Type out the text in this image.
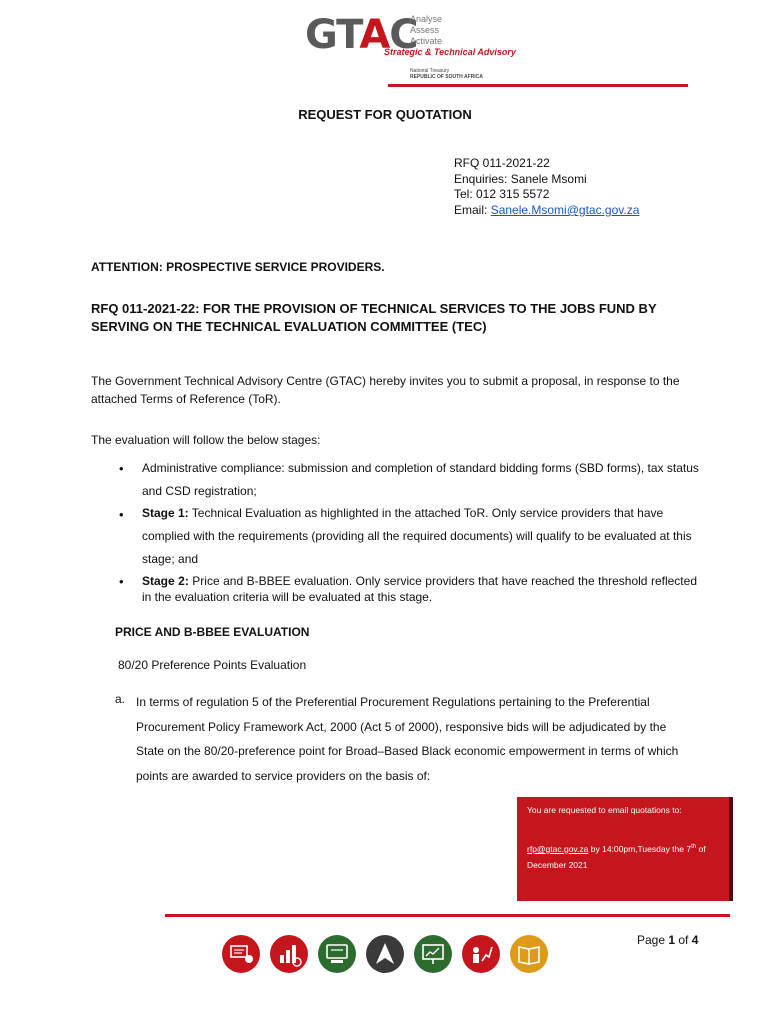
GTAC
Analyse
Assess
Activate
Strategic & Technical Advisory
National Treasury
REPUBLIC OF SOUTH AFRICA
REQUEST FOR QUOTATION
RFQ 011-2021-22
Enquiries: Sanele Msomi
Tel: 012 315 5572
Email: Sanele.Msomi@gtac.gov.za
ATTENTION: PROSPECTIVE SERVICE PROVIDERS.
RFQ 011-2021-22: FOR THE PROVISION OF TECHNICAL SERVICES TO THE JOBS FUND BY SERVING ON THE TECHNICAL EVALUATION COMMITTEE (TEC)
The Government Technical Advisory Centre (GTAC) hereby invites you to submit a proposal, in response to the attached Terms of Reference (ToR).
The evaluation will follow the below stages:
• Administrative compliance: submission and completion of standard bidding forms (SBD forms), tax status and CSD registration;
• Stage 1: Technical Evaluation as highlighted in the attached ToR. Only service providers that have complied with the requirements (providing all the required documents) will qualify to be evaluated at this stage; and
• Stage 2: Price and B-BBEE evaluation. Only service providers that have reached the threshold reflected in the evaluation criteria will be evaluated at this stage.
PRICE AND B-BBEE EVALUATION
80/20 Preference Points Evaluation
a. In terms of regulation 5 of the Preferential Procurement Regulations pertaining to the Preferential Procurement Policy Framework Act, 2000 (Act 5 of 2000), responsive bids will be adjudicated by the State on the 80/20-preference point for Broad–Based Black economic empowerment in terms of which points are awarded to service providers on the basis of:
You are requested to email quotations to:
rfp@gtac.gov.za by 14:00pm,Tuesday the 7th of December 2021
Page 1 of 4
